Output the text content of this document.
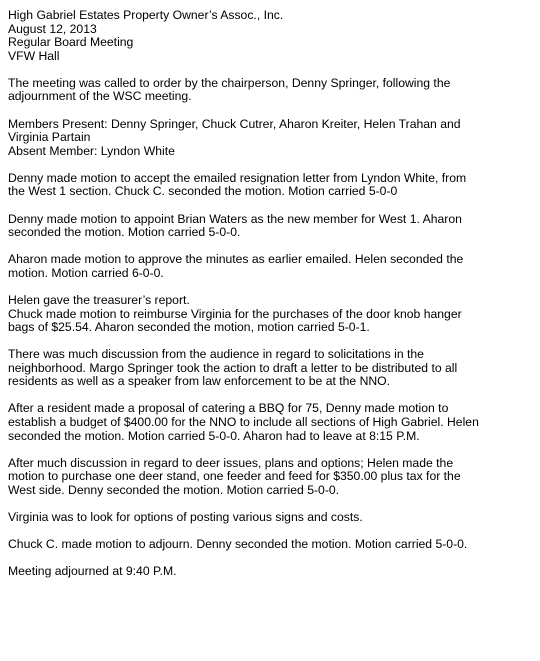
High Gabriel Estates Property Owner’s Assoc., Inc.
August 12, 2013
Regular Board Meeting
VFW Hall
The meeting was called to order by the chairperson, Denny Springer, following the
adjournment of the WSC meeting.
Members Present: Denny Springer, Chuck Cutrer, Aharon Kreiter, Helen Trahan and
Virginia Partain
Absent Member: Lyndon White
Denny made motion to accept the emailed resignation letter from Lyndon White, from
the West 1 section. Chuck C. seconded the motion. Motion carried 5-0-0
Denny made motion to appoint Brian Waters as the new member for West 1. Aharon
seconded the motion. Motion carried 5-0-0.
Aharon made motion to approve the minutes as earlier emailed. Helen seconded the
motion. Motion carried 6-0-0.
Helen gave the treasurer’s report.
Chuck made motion to reimburse Virginia for the purchases of the door knob hanger
bags of $25.54. Aharon seconded the motion, motion carried 5-0-1.
There was much discussion from the audience in regard to solicitations in the
neighborhood. Margo Springer took the action to draft a letter to be distributed to all
residents as well as a speaker from law enforcement to be at the NNO.
After a resident made a proposal of catering a BBQ for 75, Denny made motion to
establish a budget of $400.00 for the NNO to include all sections of High Gabriel. Helen
seconded the motion. Motion carried 5-0-0. Aharon had to leave at 8:15 P.M.
After much discussion in regard to deer issues, plans and options; Helen made the
motion to purchase one deer stand, one feeder and feed for $350.00 plus tax for the
West side. Denny seconded the motion. Motion carried 5-0-0.
Virginia was to look for options of posting various signs and costs.
Chuck C. made motion to adjourn. Denny seconded the motion. Motion carried 5-0-0.
Meeting adjourned at 9:40 P.M.
